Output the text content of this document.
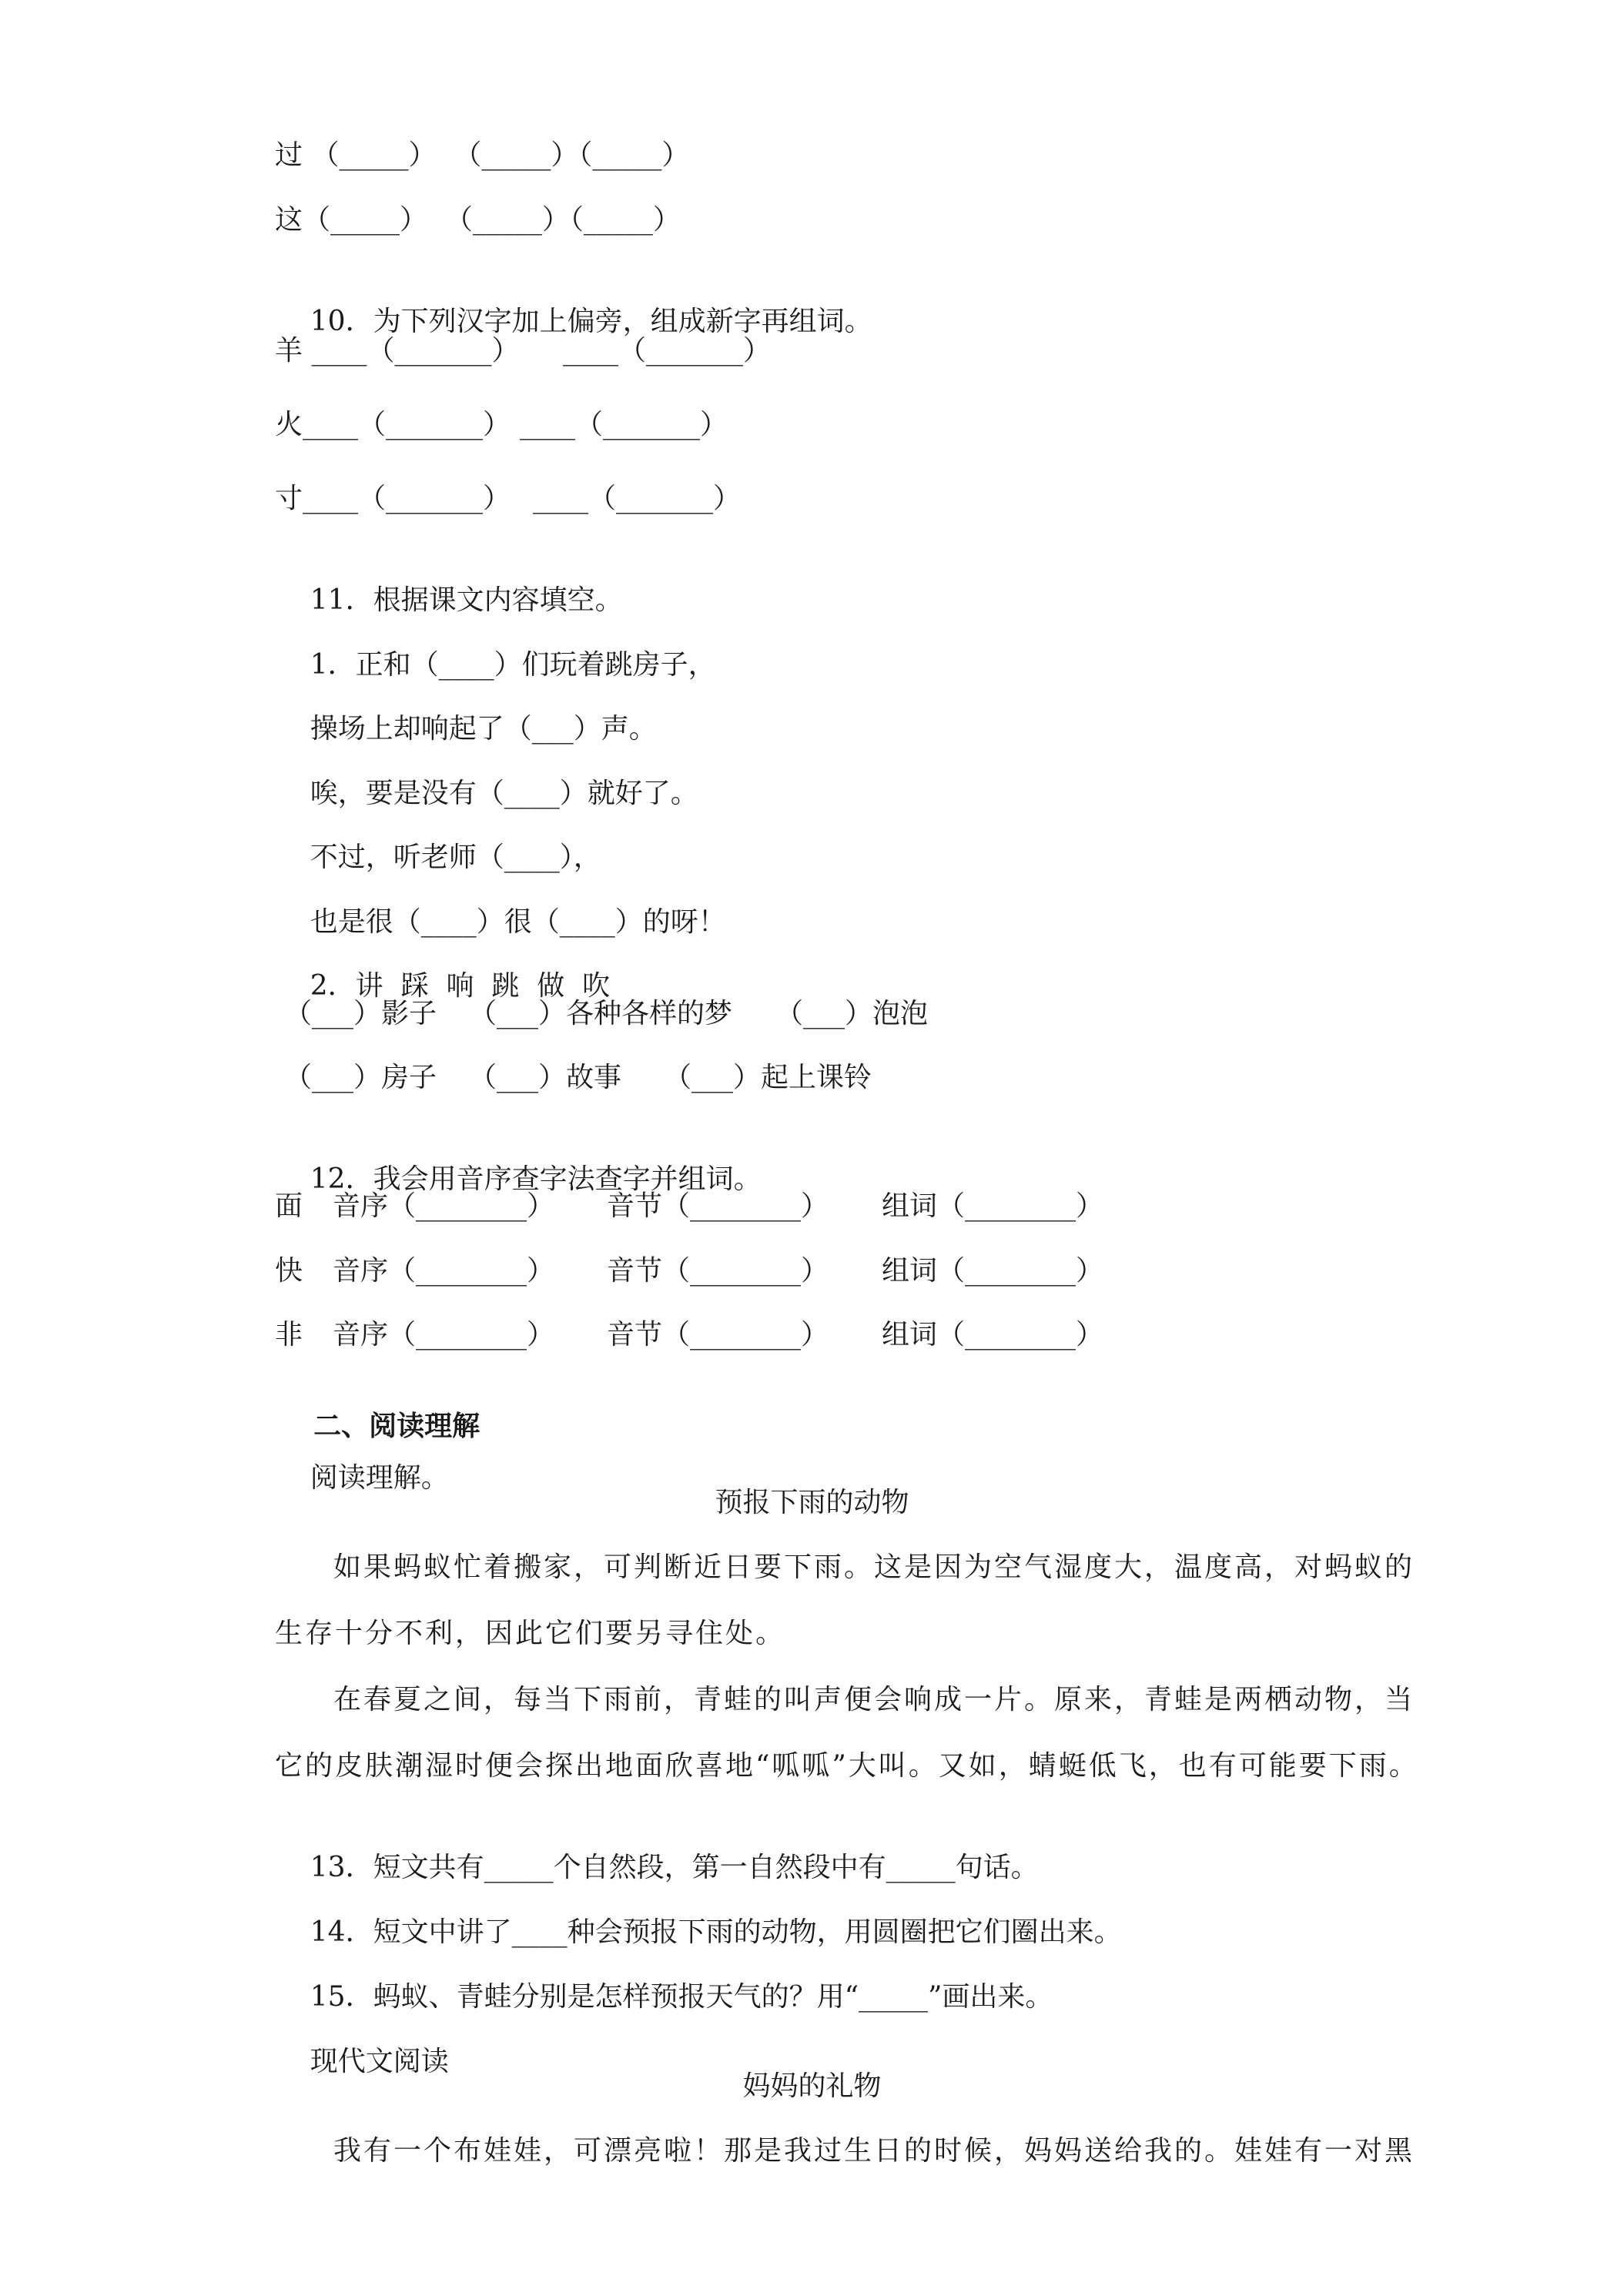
过 （_____）  （_____）（_____）

这（_____）  （_____）（_____）

10．为下列汉字加上偏旁，组成新字再组词。

羊 ____（_______）

____（_______）

火____（_______）

____（_______）

寸____（_______）

____（_______）

11．根据课文内容填空。

1．正和（____）们玩着跳房子，

操场上却响起了（___）声。

唉，要是没有（____）就好了。

不过，听老师（____），

也是很（____）很（____）的呀！

2．讲  踩  响  跳  做  吹

（___）影子

（___）各种各样的梦

（___）泡泡

（___）房子

（___）故事

（___）起上课铃

12．我会用音序查字法查字并组词。

面

音序（________）

音节（________）

组词（________）

快

音序（________）

音节（________）

组词（________）

非

音序（________）

音节（________）

组词（________）

二、阅读理解

阅读理解。

预报下雨的动物
如果蚂蚁忙着搬家，可判断近日要下雨。这是因为空气湿度大，温度高，对蚂蚁的
生存十分不利，因此它们要另寻住处。
在春夏之间，每当下雨前，青蛙的叫声便会响成一片。原来，青蛙是两栖动物，当
它的皮肤潮湿时便会探出地面欣喜地“呱呱”大叫。又如，蜻蜓低飞，也有可能要下雨。

13．短文共有_____个自然段，第一自然段中有_____句话。

14．短文中讲了____种会预报下雨的动物，用圆圈把它们圈出来。

15．蚂蚁、青蛙分别是怎样预报天气的？用“_____”画出来。

现代文阅读

妈妈的礼物
我有一个布娃娃，可漂亮啦！那是我过生日的时候，妈妈送给我的。娃娃有一对黑
